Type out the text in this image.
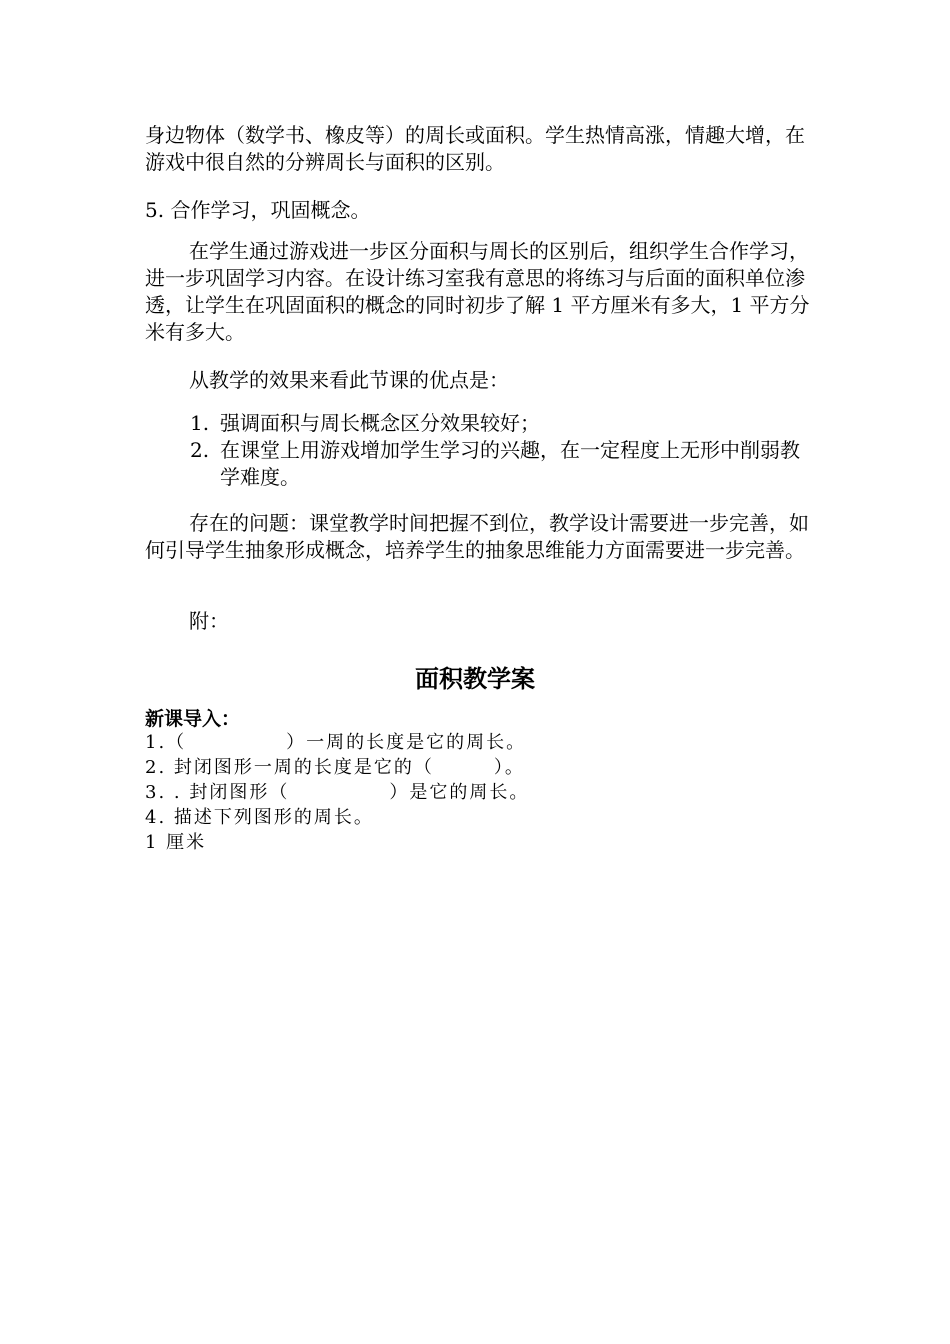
身边物体（数学书、橡皮等）的周长或面积。学生热情高涨，情趣大增，在游戏中很自然的分辨周长与面积的区别。

5. 合作学习，巩固概念。

在学生通过游戏进一步区分面积与周长的区别后，组织学生合作学习，进一步巩固学习内容。在设计练习室我有意思的将练习与后面的面积单位渗透，让学生在巩固面积的概念的同时初步了解 1 平方厘米有多大，1 平方分米有多大。

从教学的效果来看此节课的优点是：

1. 强调面积与周长概念区分效果较好；
2. 在课堂上用游戏增加学生学习的兴趣，在一定程度上无形中削弱教学难度。

存在的问题：课堂教学时间把握不到位，教学设计需要进一步完善，如何引导学生抽象形成概念，培养学生的抽象思维能力方面需要进一步完善。

附：

面积教学案
新课导入：

1.（　　　　　）一周的长度是它的周长。

2. 封闭图形一周的长度是它的（　　　）。

3. . 封闭图形（　　　　　）是它的周长。

4. 描述下列图形的周长。

1 厘米
